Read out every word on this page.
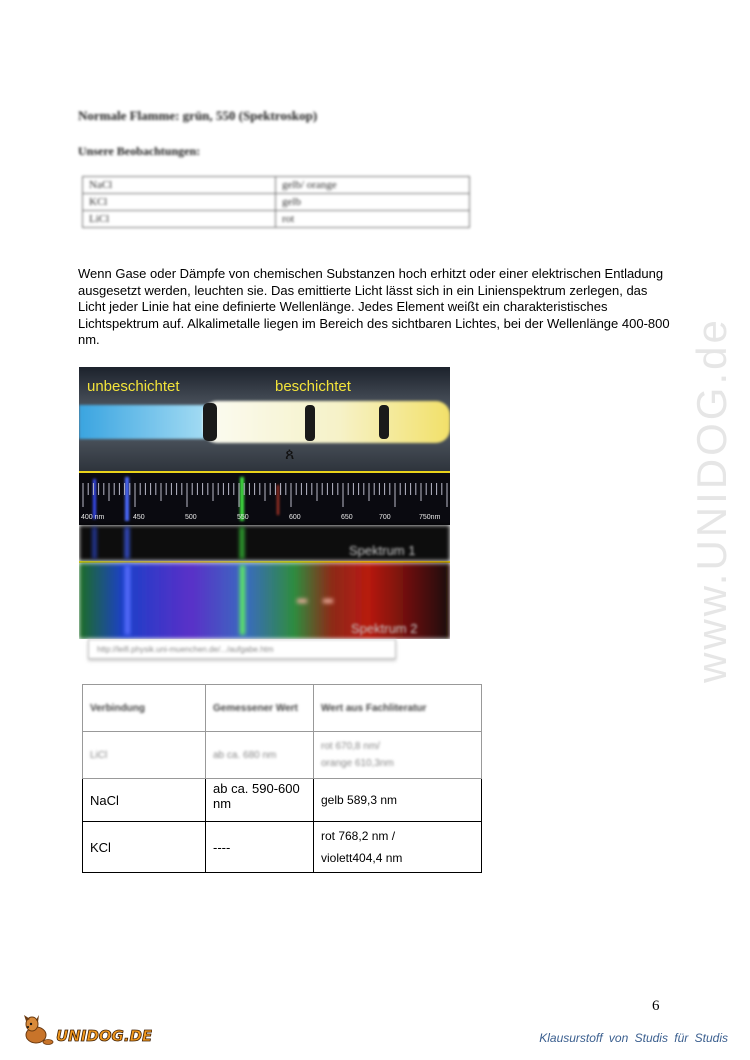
Normale Flamme: grün, 550 (Spektroskop)
Unsere Beobachtungen:
NaCl	gelb/ orange
KCl	gelb
LiCl	rot
Wenn Gase oder Dämpfe von chemischen Substanzen hoch erhitzt oder einer elektrischen Entladung ausgesetzt werden, leuchten sie. Das emittierte Licht lässt sich in ein Linienspektrum zerlegen, das Licht jeder Linie hat eine definierte Wellenlänge. Jedes Element weißt ein charakteristisches Lichtspektrum auf. Alkalimetalle liegen im Bereich des sichtbaren Lichtes, bei der Wellenlänge 400-800 nm.
unbeschichtet	beschichtet
ጰ
400 nm	450	500	550	600	650	700	750nm
Spektrum 1
Spektrum 2
http://leifi.physik.uni-muenchen.de/.../aufgabe.htm
Verbindung	Gemessener Wert	Wert aus Fachliteratur
LiCl	ab ca. 680 nm	rot 670,8 nm/
orange 610,3nm

NaCl	ab ca. 590-600 nm	gelb 589,3 nm
KCl	----	rot 768,2 nm /
violett404,4 nm
www.UNIDOG.de
6
UNIDOG.DE	Klausurstoff von Studis für Studis
